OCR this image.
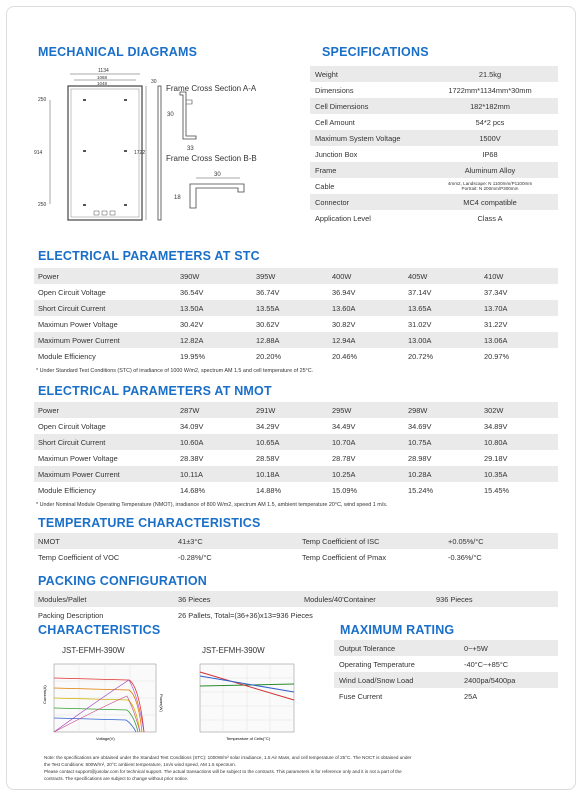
MECHANICAL DIAGRAMS	SPECIFICATIONS
ELECTRICAL PARAMETERS AT STC
ELECTRICAL PARAMETERS AT NMOT
TEMPERATURE CHARACTERISTICS
PACKING CONFIGURATION
CHARACTERISTICS	MAXIMUM RATING
1134
1068
1048
250
914
250
1722
30
30
33
30
18
Frame Cross Section A-A
Frame Cross Section B-B
Weight	21.5kg
Dimensions	1722mm*1134mm*30mm
Cell Dimensions	182*182mm
Cell Amount	54*2 pcs
Maximum System Voltage	1500V
Junction Box	IP68
Frame	Aluminum Alloy
Cable	4mm2, Landscape: N 1100mm/P1100mm
Portrait: N 200mm/P300mm
Connector	MC4 compatible
Application Level	Class A
Power	390W	395W	400W	405W	410W
Open Circuit Voltage	36.54V	36.74V	36.94V	37.14V	37.34V
Short Circuit Current	13.50A	13.55A	13.60A	13.65A	13.70A
Maximun Power Voltage	30.42V	30.62V	30.82V	31.02V	31.22V
Maximum Power Current	12.82A	12.88A	12.94A	13.00A	13.06A
Module Efficiency	19.95%	20.20%	20.46%	20.72%	20.97%
* Under Standard Test Conditions (STC) of irradiance of 1000 W/m2, spectrum AM 1.5 and cell temperature of 25°C.
Power	287W	291W	295W	298W	302W
Open Circuit Voltage	34.09V	34.29V	34.49V	34.69V	34.89V
Short Circuit Current	10.60A	10.65A	10.70A	10.75A	10.80A
Maximun Power Voltage	28.38V	28.58V	28.78V	28.98V	29.18V
Maximum Power Current	10.11A	10.18A	10.25A	10.28A	10.35A
Module Efficiency	14.68%	14.88%	15.09%	15.24%	15.45%
* Under Nominal Module Operating Temperature (NMOT), irradiance of 800 W/m2, spectrum AM 1.5, ambient temperature 20°C, wind speed 1 m/s.
NMOT	41±3°C	Temp Coefficient of ISC	+0.05%/°C
Temp Coefficient of VOC	-0.28%/°C	Temp Coefficient of Pmax	-0.36%/°C
Modules/Pallet	36 Pieces	Modules/40'Container	936 Pieces
Packing Description	26 Pallets, Total=(36+36)x13=936 Pieces
Output Tolerance	0~+5W
Operating Temperature	-40°C~+85°C
Wind Load/Snow Load	2400pa/5400pa
Fuse Current	25A
JST-EFMH-390W
Current(A)	Power(W)
Voltage(V)
JST-EFMH-390W
Temperature of Cells(°C)
Note: the specifications are obtained under the Standard Test Conditions (STC): 1000W/m² solar irradiance, 1.5 Air Mass, and cell temperature of 25°C. The NOCT is obtained under
the Test Conditions: 800W/m², 20°C ambient temperature, 1m/s wind speed, AM 1.5 spectrum.
Please contact support@jusolar.com for technical support. The actual transactions will be subject to the contracts. This parameters is for reference only and it is not a part of the
contracts. The specifications are subject to change without prior notice.
